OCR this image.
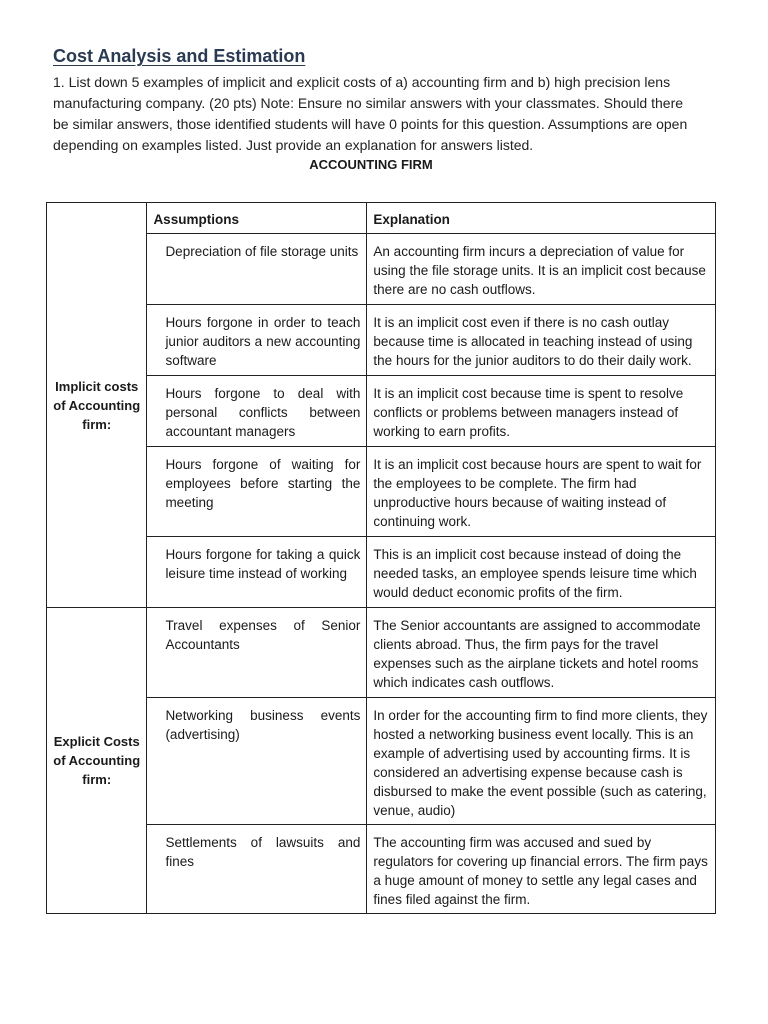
Cost Analysis and Estimation

1. List down 5 examples of implicit and explicit costs of a) accounting firm and b) high precision lens manufacturing company. (20 pts) Note: Ensure no similar answers with your classmates. Should there be similar answers, those identified students will have 0 points for this question. Assumptions are open depending on examples listed. Just provide an explanation for answers listed.

ACCOUNTING FIRM

Implicit costs of Accounting firm:	Assumptions	Explanation
	Depreciation of file storage units	An accounting firm incurs a depreciation of value for using the file storage units. It is an implicit cost because there are no cash outflows.
	Hours forgone in order to teach junior auditors a new accounting software	It is an implicit cost even if there is no cash outlay because time is allocated in teaching instead of using the hours for the junior auditors to do their daily work.
	Hours forgone to deal with personal conflicts between accountant managers	It is an implicit cost because time is spent to resolve conflicts or problems between managers instead of working to earn profits.
	Hours forgone of waiting for employees before starting the meeting	It is an implicit cost because hours are spent to wait for the employees to be complete. The firm had unproductive hours because of waiting instead of continuing work.
	Hours forgone for taking a quick leisure time instead of working	This is an implicit cost because instead of doing the needed tasks, an employee spends leisure time which would deduct economic profits of the firm.
Explicit Costs of Accounting firm:	Travel expenses of Senior Accountants	The Senior accountants are assigned to accommodate clients abroad. Thus, the firm pays for the travel expenses such as the airplane tickets and hotel rooms which indicates cash outflows.
	Networking business events (advertising)	In order for the accounting firm to find more clients, they hosted a networking business event locally. This is an example of advertising used by accounting firms. It is considered an advertising expense because cash is disbursed to make the event possible (such as catering, venue, audio)
	Settlements of lawsuits and fines	The accounting firm was accused and sued by regulators for covering up financial errors. The firm pays a huge amount of money to settle any legal cases and fines filed against the firm.
